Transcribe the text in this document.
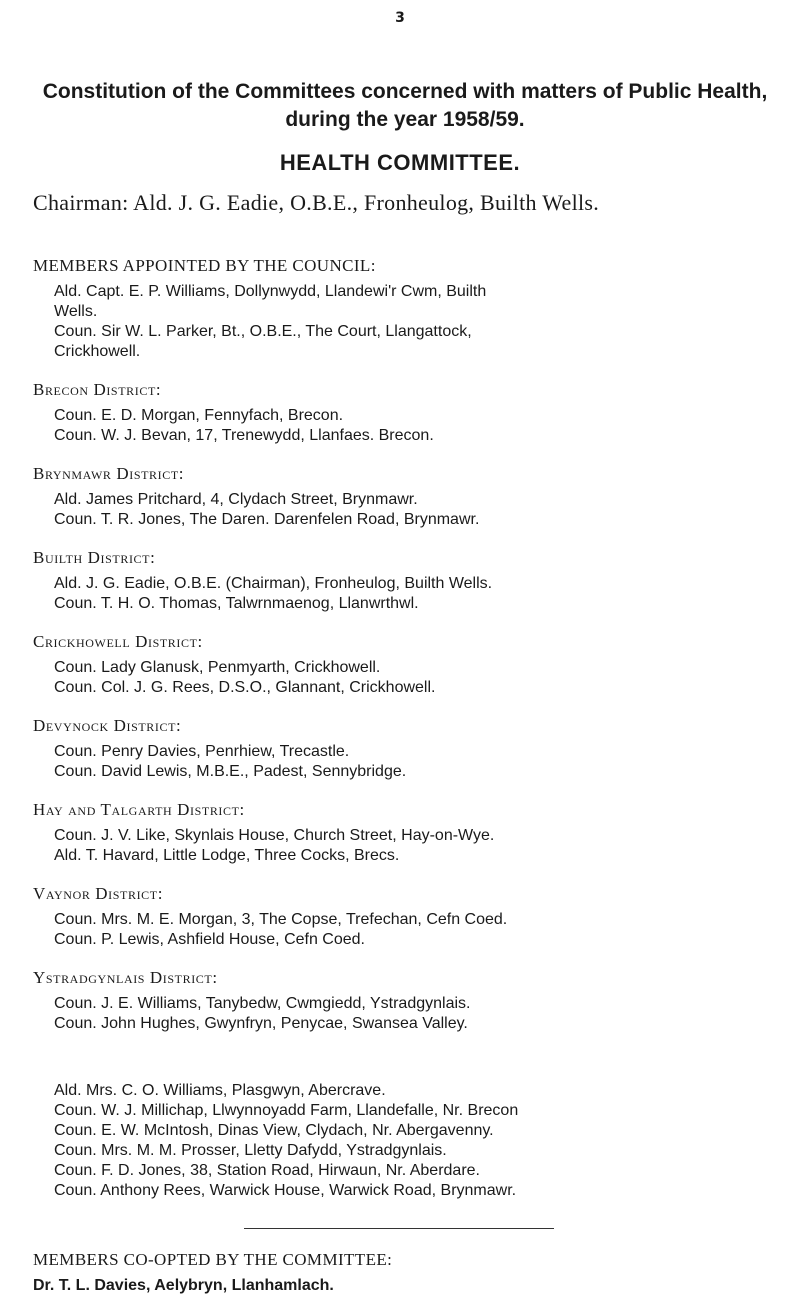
3
Constitution of the Committees concerned with matters of Public Health, during the year 1958/59.
HEALTH COMMITTEE.
Chairman: Ald. J. G. Eadie, O.B.E., Fronheulog, Builth Wells.
MEMBERS APPOINTED BY THE COUNCIL:
Ald. Capt. E. P. Williams, Dollynwydd, Llandewi'r Cwm, Builth
Wells.
Coun. Sir W. L. Parker, Bt., O.B.E., The Court, Llangattock,
Crickhowell.
Brecon District:
Coun. E. D. Morgan, Fennyfach, Brecon.
Coun. W. J. Bevan, 17, Trenewydd, Llanfaes. Brecon.
Brynmawr District:
Ald. James Pritchard, 4, Clydach Street, Brynmawr.
Coun. T. R. Jones, The Daren. Darenfelen Road, Brynmawr.
Builth District:
Ald. J. G. Eadie, O.B.E. (Chairman), Fronheulog, Builth Wells.
Coun. T. H. O. Thomas, Talwrnmaenog, Llanwrthwl.
Crickhowell District:
Coun. Lady Glanusk, Penmyarth, Crickhowell.
Coun. Col. J. G. Rees, D.S.O., Glannant, Crickhowell.
Devynock District:
Coun. Penry Davies, Penrhiew, Trecastle.
Coun. David Lewis, M.B.E., Padest, Sennybridge.
Hay and Talgarth District:
Coun. J. V. Like, Skynlais House, Church Street, Hay-on-Wye.
Ald. T. Havard, Little Lodge, Three Cocks, Brecs.
Vaynor District:
Coun. Mrs. M. E. Morgan, 3, The Copse, Trefechan, Cefn Coed.
Coun. P. Lewis, Ashfield House, Cefn Coed.
Ystradgynlais District:
Coun. J. E. Williams, Tanybedw, Cwmgiedd, Ystradgynlais.
Coun. John Hughes, Gwynfryn, Penycae, Swansea Valley.
Ald. Mrs. C. O. Williams, Plasgwyn, Abercrave.
Coun. W. J. Millichap, Llwynnoyadd Farm, Llandefalle, Nr. Brecon
Coun. E. W. McIntosh, Dinas View, Clydach, Nr. Abergavenny.
Coun. Mrs. M. M. Prosser, Lletty Dafydd, Ystradgynlais.
Coun. F. D. Jones, 38, Station Road, Hirwaun, Nr. Aberdare.
Coun. Anthony Rees, Warwick House, Warwick Road, Brynmawr.
MEMBERS CO-OPTED BY THE COMMITTEE:
Dr. T. L. Davies, Aelybryn, Llanhamlach.
